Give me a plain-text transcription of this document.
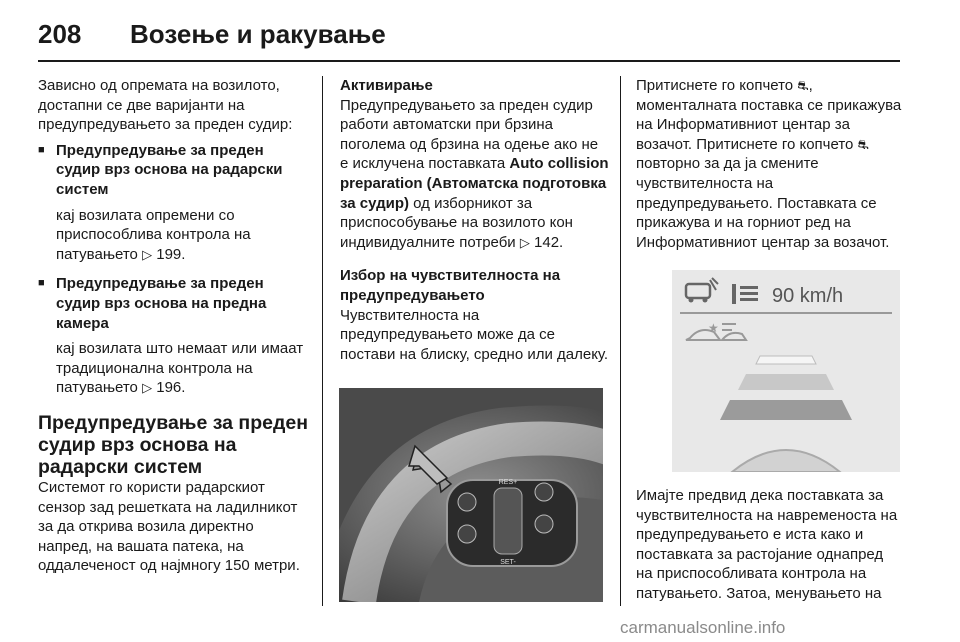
208	Возење и ракување

Зависно од опремата на возилото, достапни се две варијанти на предупредувањето за преден судир:

■ Предупредување за преден судир врз основа на радарски систем

кај возилата опремени со приспособлива контрола на патувањето ▷ 199.

■ Предупредување за преден судир врз основа на предна камера

кај возилата што немаат или имаат традиционална контрола на патувањето ▷ 196.

Предупредување за преден судир врз основа на радарски систем

Системот го користи радарскиот сензор зад решетката на ладилникот за да открива возила директно напред, на вашата патека, на оддалеченост од најмногу 150 метри.

Активирање

Предупредувањето за преден судир работи автоматски при брзина поголема од брзина на одење ако не е исклучена поставката Auto collision preparation (Автоматска подготовка за судир) од изборникот за приспособување на возилото кон индивидуалните потреби ▷ 142.

Избор на чувствителноста на предупредувањето

Чувствителноста на предупредувањето може да се постави на блиску, средно или далеку.

RES+
SET-

Притиснете го копчето ⛐, моменталната поставка се прикажува на Информативниот центар за возачот. Притиснете го копчето ⛐ повторно за да ја смените чувствителноста на предупредувањето. Поставката се прикажува и на горниот ред на Информативниот центар за возачот.

90 km/h
★

Имајте предвид дека поставката за чувствителноста на навременоста на предупредувањето е иста како и поставката за растојание однапред на приспособливата контрола на патувањето. Затоа, менувањето на

carmanualsonline.info
